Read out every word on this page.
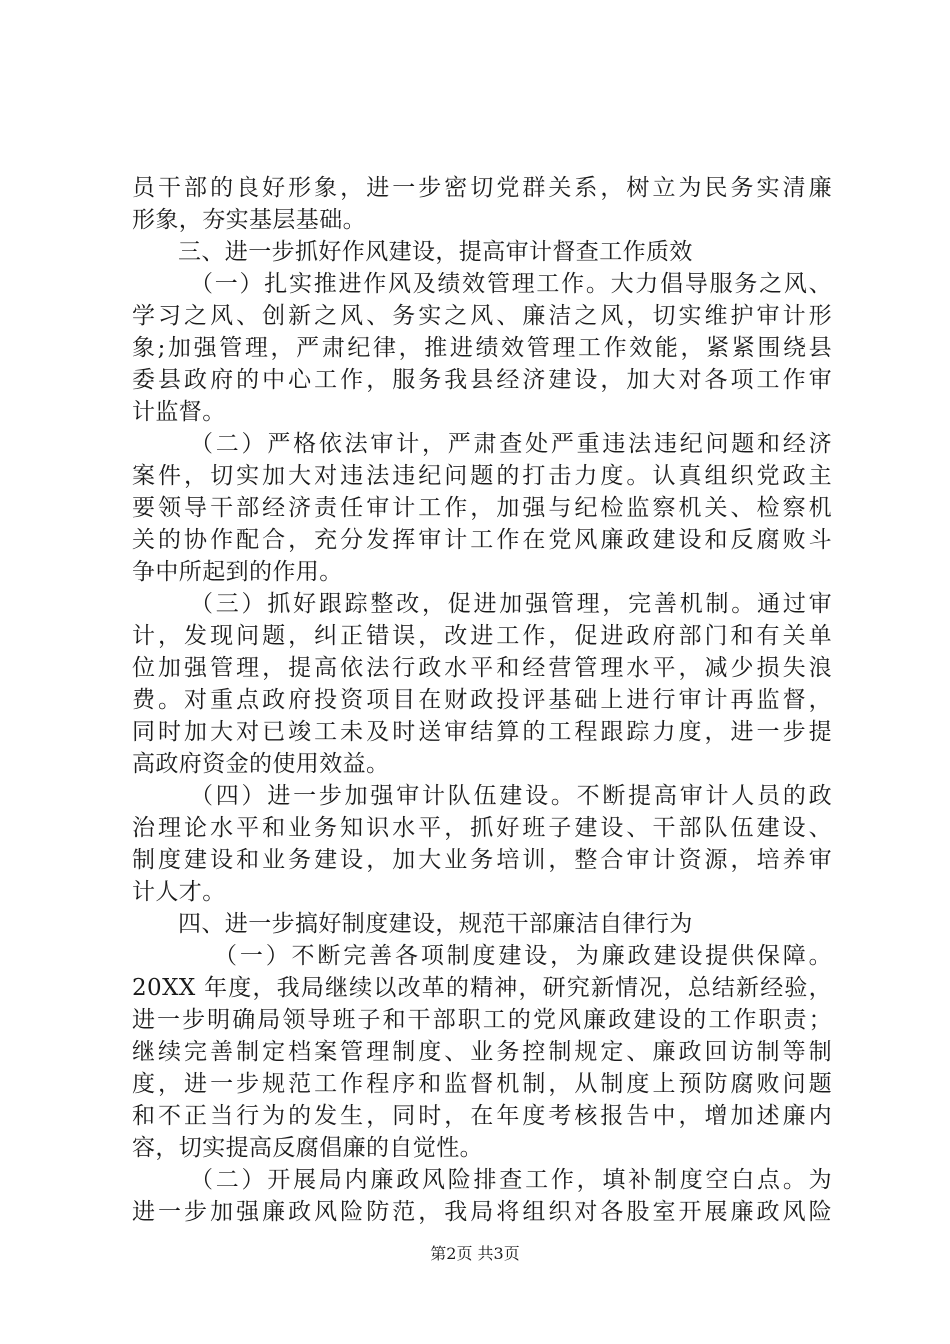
员干部的良好形象，进一步密切党群关系，树立为民务实清廉
形象，夯实基层基础。
三、进一步抓好作风建设，提高审计督查工作质效
（一）扎实推进作风及绩效管理工作。大力倡导服务之风、
学习之风、创新之风、务实之风、廉洁之风，切实维护审计形
象;加强管理，严肃纪律，推进绩效管理工作效能，紧紧围绕县
委县政府的中心工作，服务我县经济建设，加大对各项工作审
计监督。
（二）严格依法审计，严肃查处严重违法违纪问题和经济
案件，切实加大对违法违纪问题的打击力度。认真组织党政主
要领导干部经济责任审计工作，加强与纪检监察机关、检察机
关的协作配合，充分发挥审计工作在党风廉政建设和反腐败斗
争中所起到的作用。
（三）抓好跟踪整改，促进加强管理，完善机制。通过审
计，发现问题，纠正错误，改进工作，促进政府部门和有关单
位加强管理，提高依法行政水平和经营管理水平，减少损失浪
费。对重点政府投资项目在财政投评基础上进行审计再监督，
同时加大对已竣工未及时送审结算的工程跟踪力度，进一步提
高政府资金的使用效益。
（四）进一步加强审计队伍建设。不断提高审计人员的政
治理论水平和业务知识水平，抓好班子建设、干部队伍建设、
制度建设和业务建设，加大业务培训，整合审计资源，培养审
计人才。
四、进一步搞好制度建设，规范干部廉洁自律行为
（一）不断完善各项制度建设，为廉政建设提供保障。
20XX 年度，我局继续以改革的精神，研究新情况，总结新经验，
进一步明确局领导班子和干部职工的党风廉政建设的工作职责；
继续完善制定档案管理制度、业务控制规定、廉政回访制等制
度，进一步规范工作程序和监督机制，从制度上预防腐败问题
和不正当行为的发生，同时，在年度考核报告中，增加述廉内
容，切实提高反腐倡廉的自觉性。
（二）开展局内廉政风险排查工作，填补制度空白点。为
进一步加强廉政风险防范，我局将组织对各股室开展廉政风险
第2页 共3页
